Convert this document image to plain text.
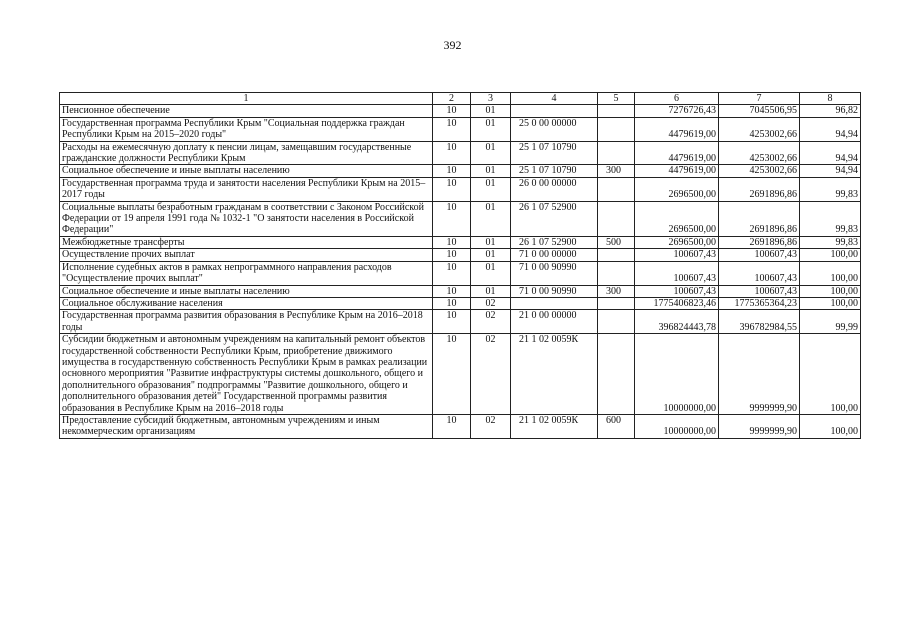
392
1	2	3	4	5	6	7	8
Пенсионное обеспечение	10	01			7276726,43	7045506,95	96,82
Государственная программа Республики Крым "Социальная поддержка граждан Республики Крым на 2015–2020 годы"	10	01	25 0 00 00000		4479619,00	4253002,66	94,94
Расходы на ежемесячную доплату к пенсии лицам, замещавшим государственные гражданские должности Республики Крым	10	01	25 1 07 10790		4479619,00	4253002,66	94,94
Социальное обеспечение и иные выплаты населению	10	01	25 1 07 10790	300	4479619,00	4253002,66	94,94
Государственная программа труда и занятости населения Республики Крым на 2015–2017 годы	10	01	26 0 00 00000		2696500,00	2691896,86	99,83
Социальные выплаты безработным гражданам в соответствии с Законом Российской Федерации от 19 апреля 1991 года № 1032-1 "О занятости населения в Российской Федерации"	10	01	26 1 07 52900		2696500,00	2691896,86	99,83
Межбюджетные трансферты	10	01	26 1 07 52900	500	2696500,00	2691896,86	99,83
Осуществление прочих выплат	10	01	71 0 00 00000		100607,43	100607,43	100,00
Исполнение судебных актов в рамках непрограммного направления расходов "Осуществление прочих выплат"	10	01	71 0 00 90990		100607,43	100607,43	100,00
Социальное обеспечение и иные выплаты населению	10	01	71 0 00 90990	300	100607,43	100607,43	100,00
Социальное обслуживание населения	10	02			1775406823,46	1775365364,23	100,00
Государственная программа развития образования в Республике Крым на 2016–2018 годы	10	02	21 0 00 00000		396824443,78	396782984,55	99,99
Субсидии бюджетным и автономным учреждениям на капитальный ремонт объектов государственной собственности Республики Крым, приобретение движимого имущества в государственную собственность Республики Крым в рамках реализации основного мероприятия "Развитие инфраструктуры системы дошкольного, общего и дополнительного образования" подпрограммы "Развитие дошкольного, общего и дополнительного образования детей" Государственной программы развития образования в Республике Крым на 2016–2018 годы	10	02	21 1 02 0059К		10000000,00	9999999,90	100,00
Предоставление субсидий бюджетным, автономным учреждениям и иным некоммерческим организациям	10	02	21 1 02 0059К	600	10000000,00	9999999,90	100,00
